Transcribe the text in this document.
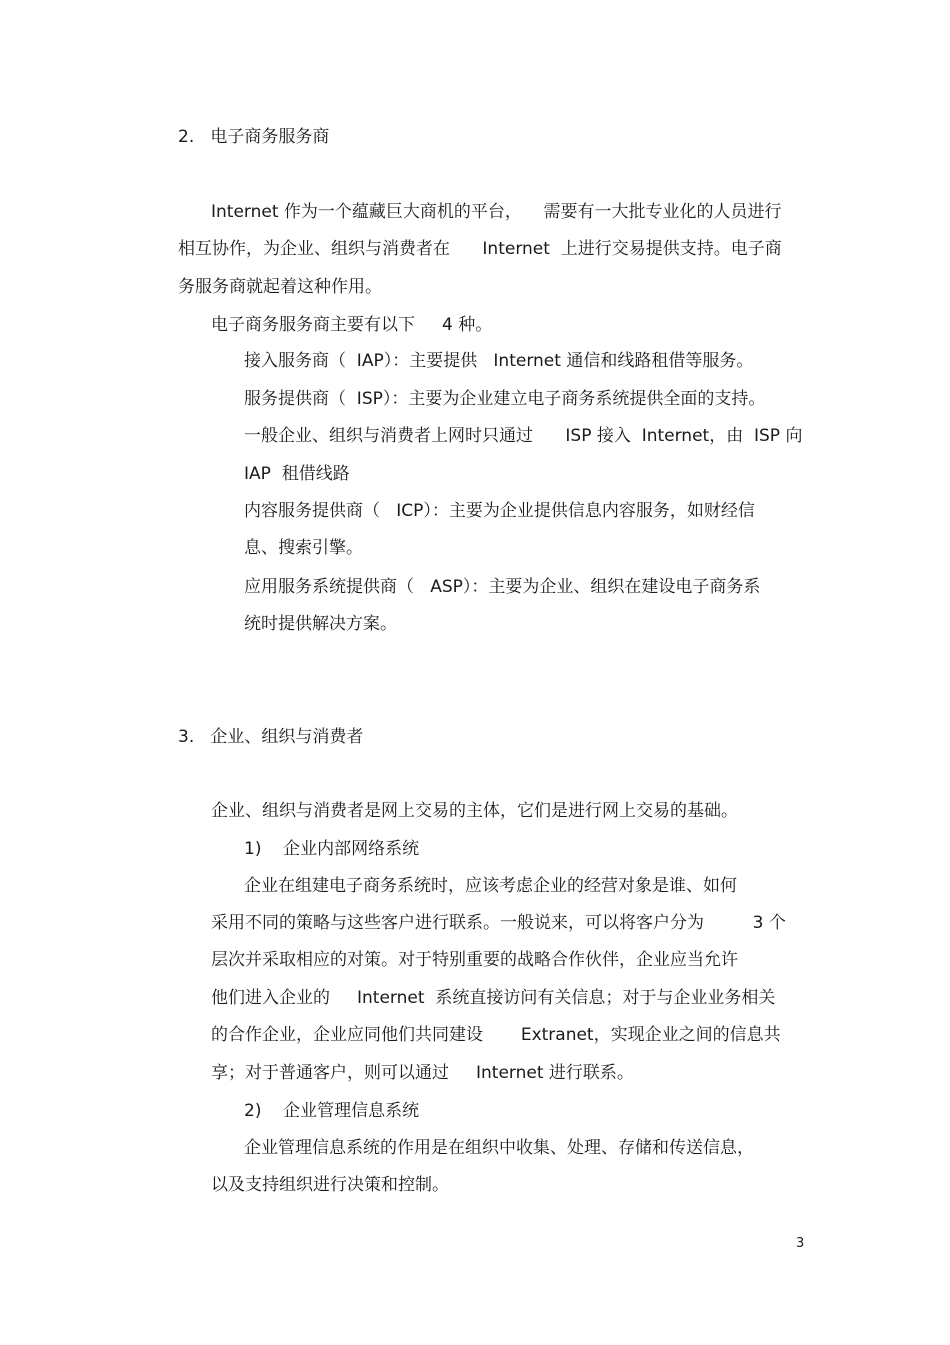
2.   电子商务服务商
Internet 作为一个蕴藏巨大商机的平台，    需要有一大批专业化的人员进行
相互协作，为企业、组织与消费者在      Internet  上进行交易提供支持。电子商
务服务商就起着这种作用。
电子商务服务商主要有以下     4 种。
接入服务商（  IAP）：主要提供   Internet 通信和线路租借等服务。
服务提供商（  ISP）：主要为企业建立电子商务系统提供全面的支持。
一般企业、组织与消费者上网时只通过      ISP 接入  Internet，由  ISP 向
IAP  租借线路
内容服务提供商（   ICP）：主要为企业提供信息内容服务，如财经信
息、搜索引擎。
应用服务系统提供商（   ASP）：主要为企业、组织在建设电子商务系
统时提供解决方案。
3.   企业、组织与消费者
企业、组织与消费者是网上交易的主体，它们是进行网上交易的基础。
1)    企业内部网络系统
企业在组建电子商务系统时，应该考虑企业的经营对象是谁、如何
采用不同的策略与这些客户进行联系。一般说来，可以将客户分为         3 个
层次并采取相应的对策。对于特别重要的战略合作伙伴，企业应当允许
他们进入企业的     Internet  系统直接访问有关信息；对于与企业业务相关
的合作企业，企业应同他们共同建设       Extranet，实现企业之间的信息共
享；对于普通客户，则可以通过     Internet 进行联系。
2)    企业管理信息系统
企业管理信息系统的作用是在组织中收集、处理、存储和传送信息，
以及支持组织进行决策和控制。
3
